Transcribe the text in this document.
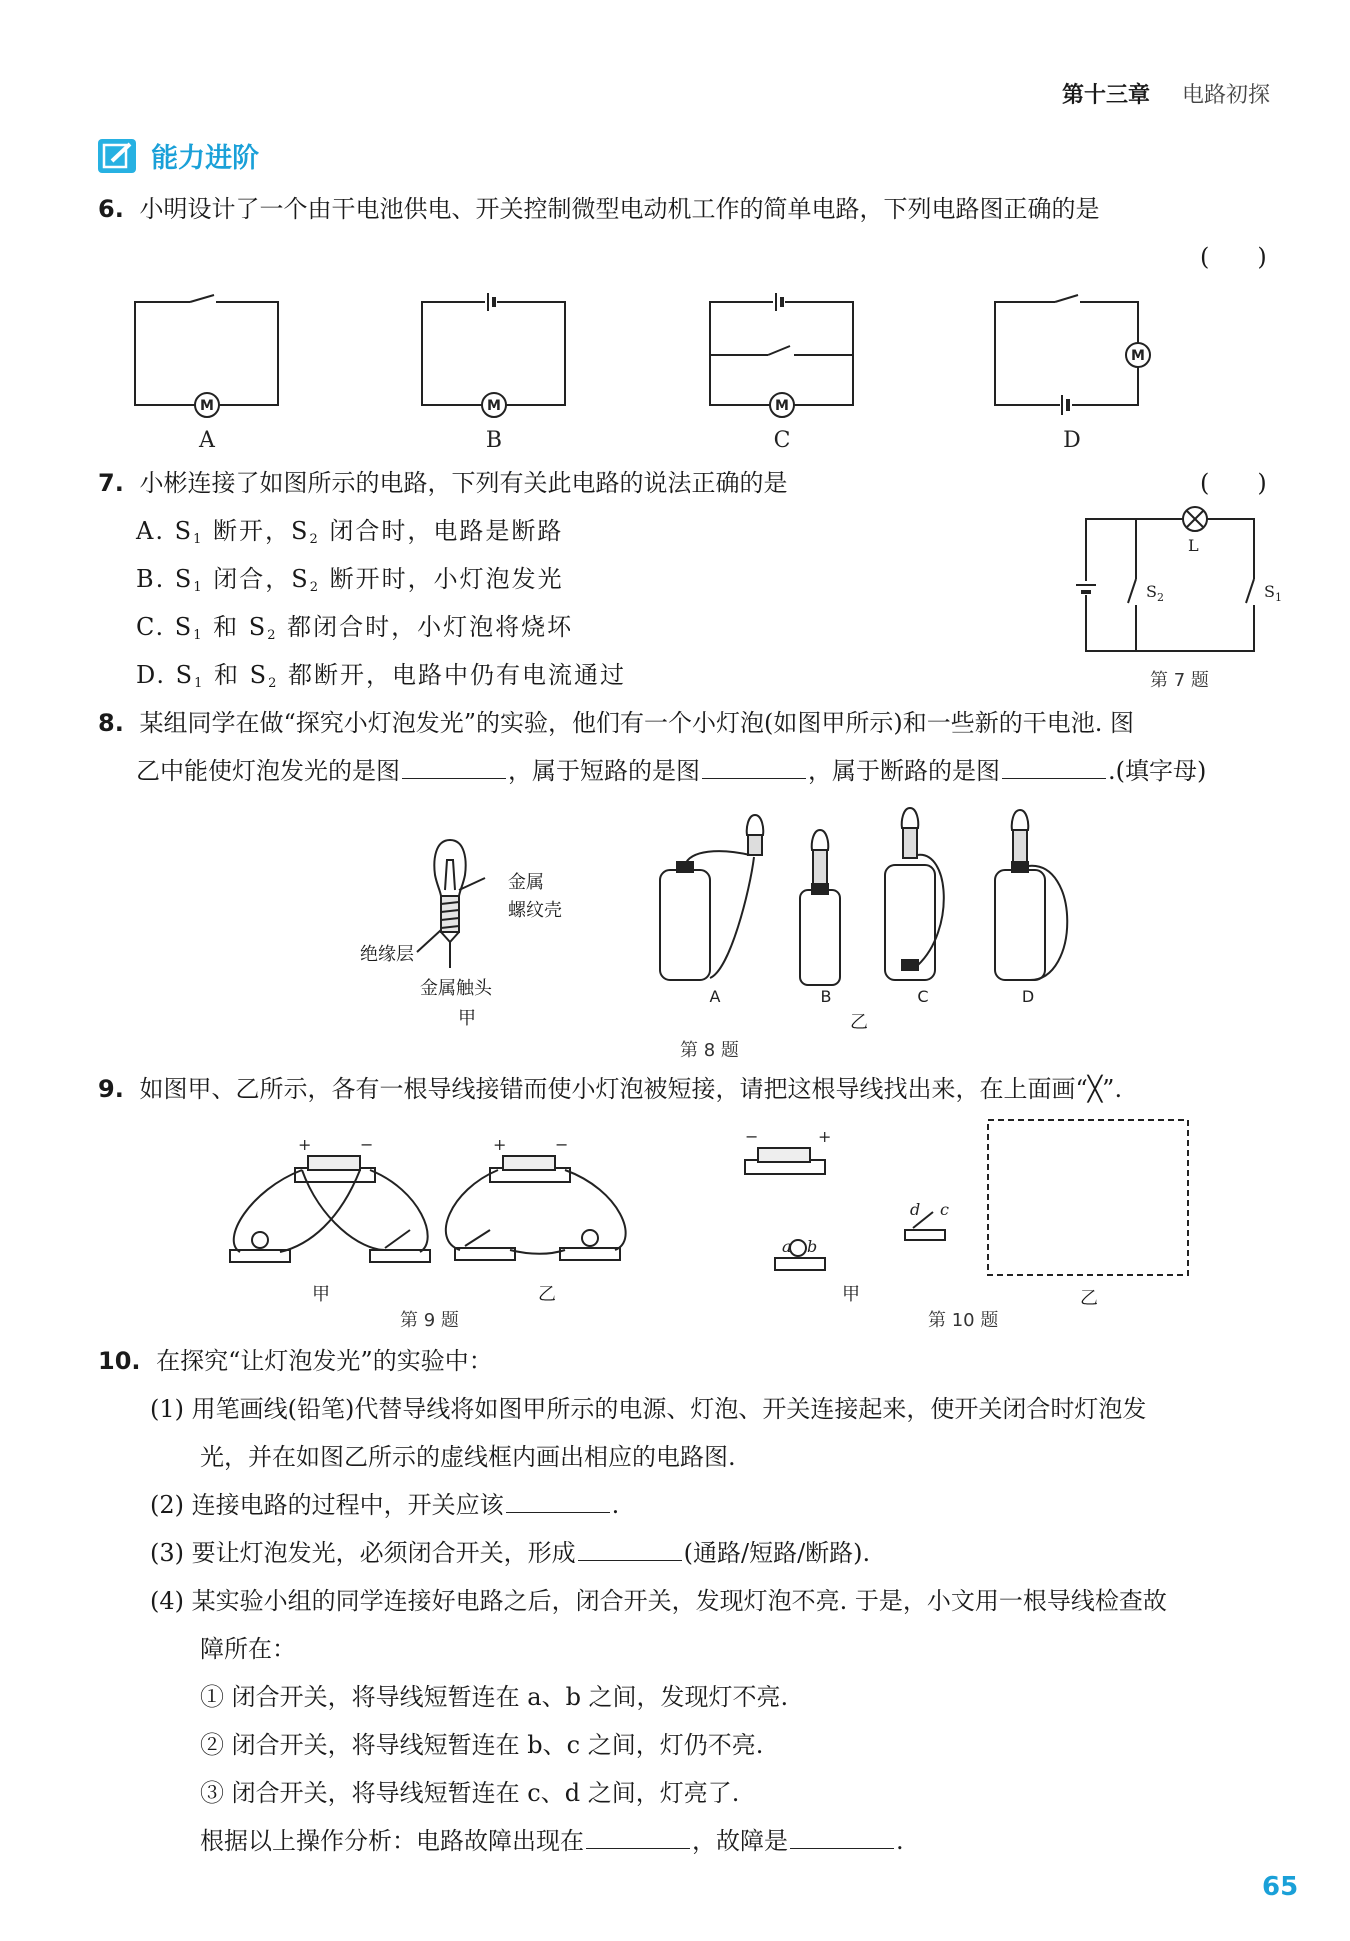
第十三章 电路初探
能力进阶
6. 小明设计了一个由干电池供电、开关控制微型电动机工作的简单电路，下列电路图正确的是
(　　)
M	M	M
M
A	B	C	D
7. 小彬连接了如图所示的电路，下列有关此电路的说法正确的是	(　　)
A. $S_1$ 断开，$S_2$ 闭合时，电路是断路
B. $S_1$ 闭合，$S_2$ 断开时，小灯泡发光
C. $S_1$ 和 $S_2$ 都闭合时，小灯泡将烧坏
D. $S_1$ 和 $S_2$ 都断开，电路中仍有电流通过
L
$S_2$	$S_1$
第 7 题
8. 某组同学在做“探究小灯泡发光”的实验，他们有一个小灯泡(如图甲所示)和一些新的干电池. 图
乙中能使灯泡发光的是图	，属于短路的是图	，属于断路的是图	.(填字母)
金属
螺纹壳
绝缘层
金属触头
甲
A	B	C	D
乙
第 8 题
9. 如图甲、乙所示，各有一根导线接错而使小灯泡被短接，请把这根导线找出来，在上面画“╳”.
+	−	+	−
甲	乙
第 9 题
−	+
d c
a b
甲	乙
第 10 题
10. 在探究“让灯泡发光”的实验中：
(1) 用笔画线(铅笔)代替导线将如图甲所示的电源、灯泡、开关连接起来，使开关闭合时灯泡发
光，并在如图乙所示的虚线框内画出相应的电路图.
(2) 连接电路的过程中，开关应该	.
(3) 要让灯泡发光，必须闭合开关，形成	(通路/短路/断路).
(4) 某实验小组的同学连接好电路之后，闭合开关，发现灯泡不亮. 于是，小文用一根导线检查故
障所在：
① 闭合开关，将导线短暂连在 a、b 之间，发现灯不亮.
② 闭合开关，将导线短暂连在 b、c 之间，灯仍不亮.
③ 闭合开关，将导线短暂连在 c、d 之间，灯亮了.
根据以上操作分析：电路故障出现在	，故障是	.
65
